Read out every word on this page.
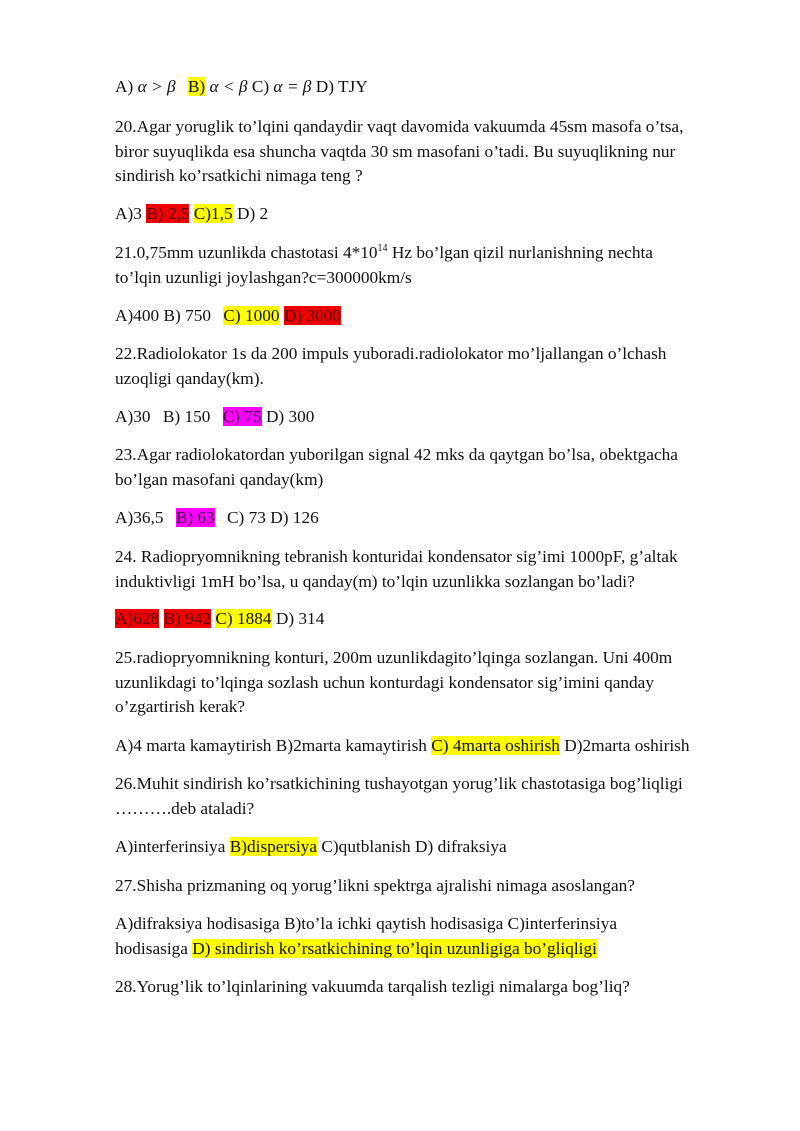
A) α > β B) α < β C) α = β D) TJY

20.Agar yoruglik to’lqini qandaydir vaqt davomida vakuumda 45sm masofa o’tsa,
biror suyuqlikda esa shuncha vaqtda 30 sm masofani o’tadi. Bu suyuqlikning nur
sindirish ko’rsatkichi nimaga teng ?

A)3 B) 2,5 C)1,5 D) 2

21.0,75mm uzunlikda chastotasi $4*10^{14}$ Hz bo’lgan qizil nurlanishning nechta
to’lqin uzunligi joylashgan?c=300000km/s

A)400 B) 750 C) 1000 D) 3000

22.Radiolokator 1s da 200 impuls yuboradi.radiolokator mo’ljallangan o’lchash
uzoqligi qanday(km).

A)30 B) 150 C) 75 D) 300

23.Agar radiolokatordan yuborilgan signal 42 mks da qaytgan bo’lsa, obektgacha
bo’lgan masofani qanday(km)

A)36,5 B) 63 C) 73 D) 126

24. Radiopryomnikning tebranish konturidai kondensator sig’imi 1000pF, g’altak
induktivligi 1mH bo’lsa, u qanday(m) to’lqin uzunlikka sozlangan bo’ladi?

A)628 B) 942 C) 1884 D) 314

25.radiopryomnikning konturi, 200m uzunlikdagito’lqinga sozlangan. Uni 400m
uzunlikdagi to’lqinga sozlash uchun konturdagi kondensator sig’imini qanday
o’zgartirish kerak?

A)4 marta kamaytirish B)2marta kamaytirish C) 4marta oshirish D)2marta oshirish

26.Muhit sindirish ko’rsatkichining tushayotgan yorug’lik chastotasiga bog’liqligi
……….deb ataladi?

A)interferinsiya B)dispersiya C)qutblanish D) difraksiya

27.Shisha prizmaning oq yorug’likni spektrga ajralishi nimaga asoslangan?

A)difraksiya hodisasiga B)to’la ichki qaytish hodisasiga C)interferinsiya
hodisasiga D) sindirish ko’rsatkichining to’lqin uzunligiga bo’gliqligi

28.Yorug’lik to’lqinlarining vakuumda tarqalish tezligi nimalarga bog’liq?
